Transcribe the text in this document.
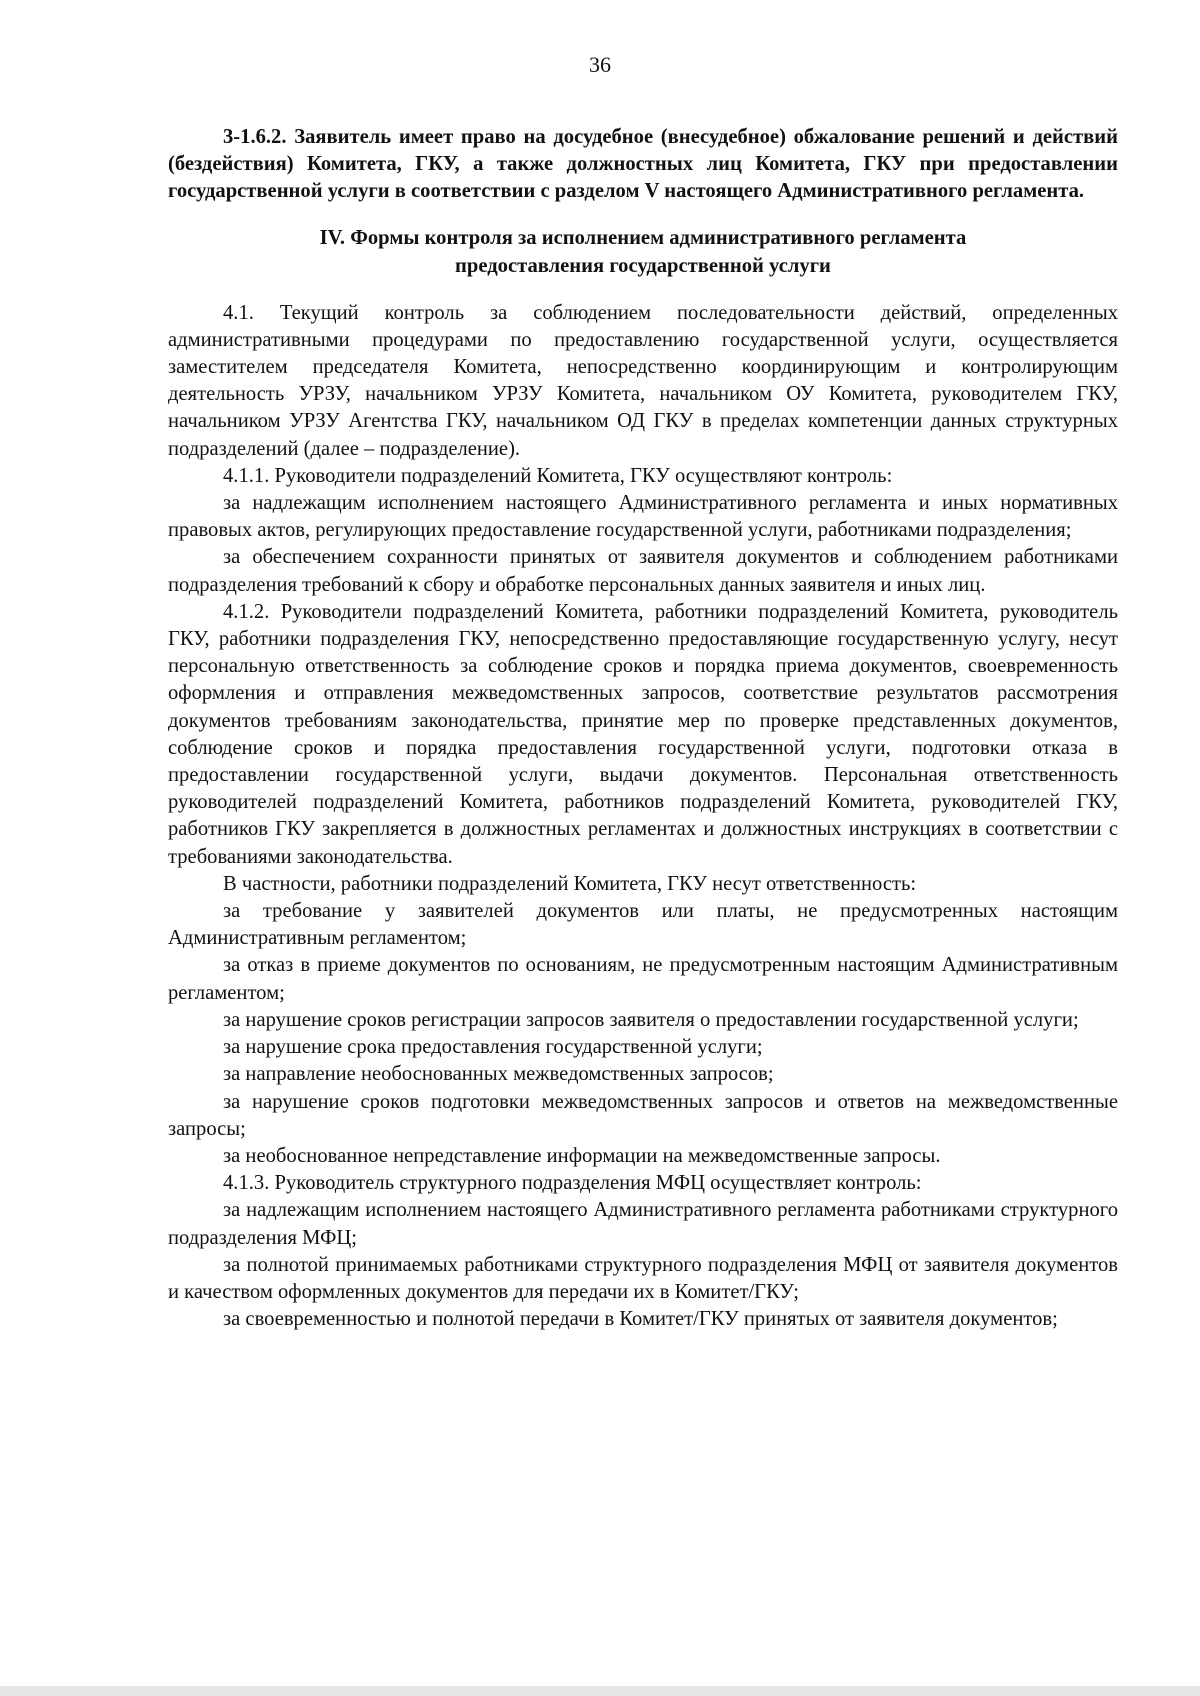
36

3-1.6.2. Заявитель имеет право на досудебное (внесудебное) обжалование решений и действий (бездействия) Комитета, ГКУ, а также должностных лиц Комитета, ГКУ при предоставлении государственной услуги в соответствии с разделом V настоящего Административного регламента.

IV. Формы контроля за исполнением административного регламента
предоставления государственной услуги

4.1. Текущий контроль за соблюдением последовательности действий, определенных административными процедурами по предоставлению государственной услуги, осуществляется заместителем председателя Комитета, непосредственно координирующим и контролирующим деятельность УРЗУ, начальником УРЗУ Комитета, начальником ОУ Комитета, руководителем ГКУ, начальником УРЗУ Агентства ГКУ, начальником ОД ГКУ в пределах компетенции данных структурных подразделений (далее – подразделение).

4.1.1. Руководители подразделений Комитета, ГКУ осуществляют контроль:

за надлежащим исполнением настоящего Административного регламента и иных нормативных правовых актов, регулирующих предоставление государственной услуги, работниками подразделения;

за обеспечением сохранности принятых от заявителя документов и соблюдением работниками подразделения требований к сбору и обработке персональных данных заявителя и иных лиц.

4.1.2. Руководители подразделений Комитета, работники подразделений Комитета, руководитель ГКУ, работники подразделения ГКУ, непосредственно предоставляющие государственную услугу, несут персональную ответственность за соблюдение сроков и порядка приема документов, своевременность оформления и отправления межведомственных запросов, соответствие результатов рассмотрения документов требованиям законодательства, принятие мер по проверке представленных документов, соблюдение сроков и порядка предоставления государственной услуги, подготовки отказа в предоставлении государственной услуги, выдачи документов. Персональная ответственность руководителей подразделений Комитета, работников подразделений Комитета, руководителей ГКУ, работников ГКУ закрепляется в должностных регламентах и должностных инструкциях в соответствии с требованиями законодательства.

В частности, работники подразделений Комитета, ГКУ несут ответственность:

за требование у заявителей документов или платы, не предусмотренных настоящим Административным регламентом;

за отказ в приеме документов по основаниям, не предусмотренным настоящим Административным регламентом;

за нарушение сроков регистрации запросов заявителя о предоставлении государственной услуги;

за нарушение срока предоставления государственной услуги;

за направление необоснованных межведомственных запросов;

за нарушение сроков подготовки межведомственных запросов и ответов на межведомственные запросы;

за необоснованное непредставление информации на межведомственные запросы.

4.1.3. Руководитель структурного подразделения МФЦ осуществляет контроль:

за надлежащим исполнением настоящего Административного регламента работниками структурного подразделения МФЦ;

за полнотой принимаемых работниками структурного подразделения МФЦ от заявителя документов и качеством оформленных документов для передачи их в Комитет/ГКУ;

за своевременностью и полнотой передачи в Комитет/ГКУ принятых от заявителя документов;
